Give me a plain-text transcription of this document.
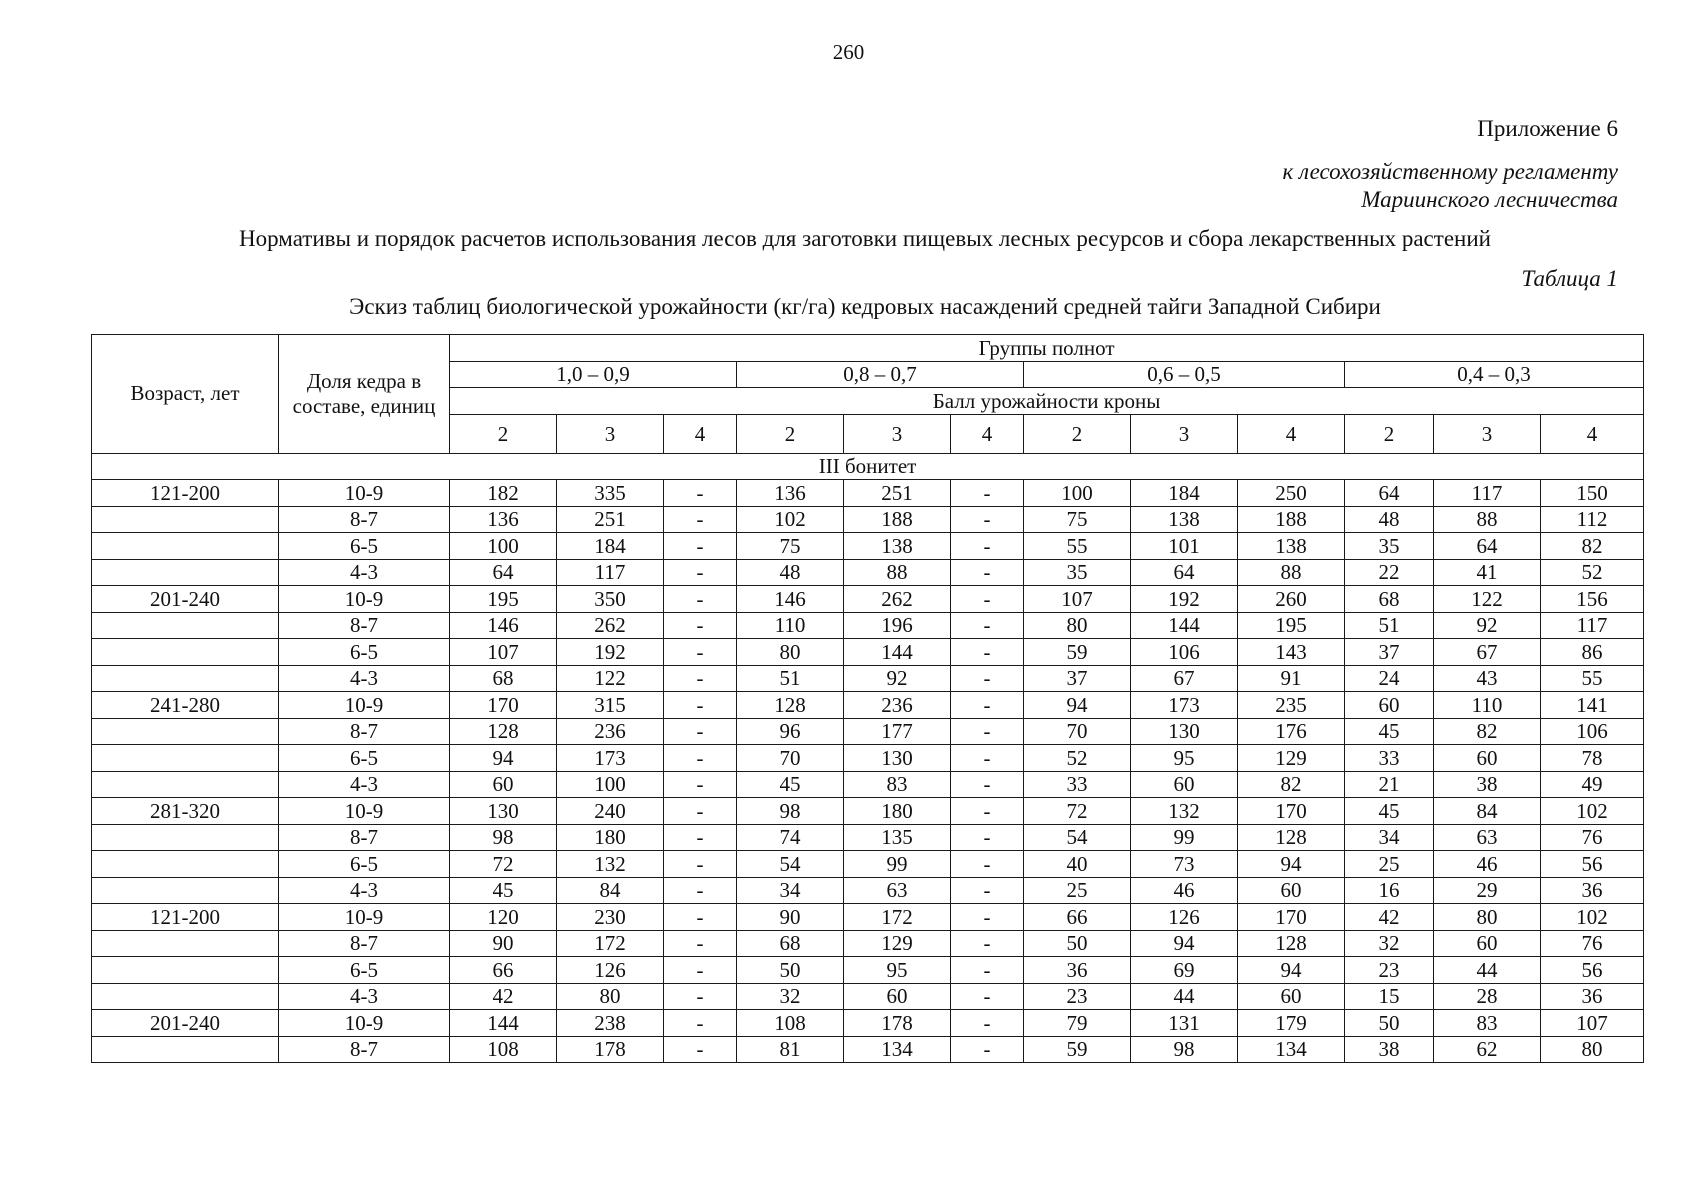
260
Приложение 6
к лесохозяйственному регламенту
Мариинского лесничества
Нормативы и порядок расчетов использования лесов для заготовки пищевых лесных ресурсов и сбора лекарственных растений
Таблица 1
Эскиз таблиц биологической урожайности (кг/га) кедровых насаждений средней тайги Западной Сибири
Возраст, лет	Доля кедра в составе, единиц	Группы полнот											
		1,0 – 0,9			0,8 – 0,7			0,6 – 0,5			0,4 – 0,3		
		Балл урожайности кроны											
		2	3	4	2	3	4	2	3	4	2	3	4
III бонитет													
121-200	10-9	182	335	-	136	251	-	100	184	250	64	117	150
	8-7	136	251	-	102	188	-	75	138	188	48	88	112
	6-5	100	184	-	75	138	-	55	101	138	35	64	82
	4-3	64	117	-	48	88	-	35	64	88	22	41	52
201-240	10-9	195	350	-	146	262	-	107	192	260	68	122	156
	8-7	146	262	-	110	196	-	80	144	195	51	92	117
	6-5	107	192	-	80	144	-	59	106	143	37	67	86
	4-3	68	122	-	51	92	-	37	67	91	24	43	55
241-280	10-9	170	315	-	128	236	-	94	173	235	60	110	141
	8-7	128	236	-	96	177	-	70	130	176	45	82	106
	6-5	94	173	-	70	130	-	52	95	129	33	60	78
	4-3	60	100	-	45	83	-	33	60	82	21	38	49
281-320	10-9	130	240	-	98	180	-	72	132	170	45	84	102
	8-7	98	180	-	74	135	-	54	99	128	34	63	76
	6-5	72	132	-	54	99	-	40	73	94	25	46	56
	4-3	45	84	-	34	63	-	25	46	60	16	29	36
121-200	10-9	120	230	-	90	172	-	66	126	170	42	80	102
	8-7	90	172	-	68	129	-	50	94	128	32	60	76
	6-5	66	126	-	50	95	-	36	69	94	23	44	56
	4-3	42	80	-	32	60	-	23	44	60	15	28	36
201-240	10-9	144	238	-	108	178	-	79	131	179	50	83	107
	8-7	108	178	-	81	134	-	59	98	134	38	62	80
